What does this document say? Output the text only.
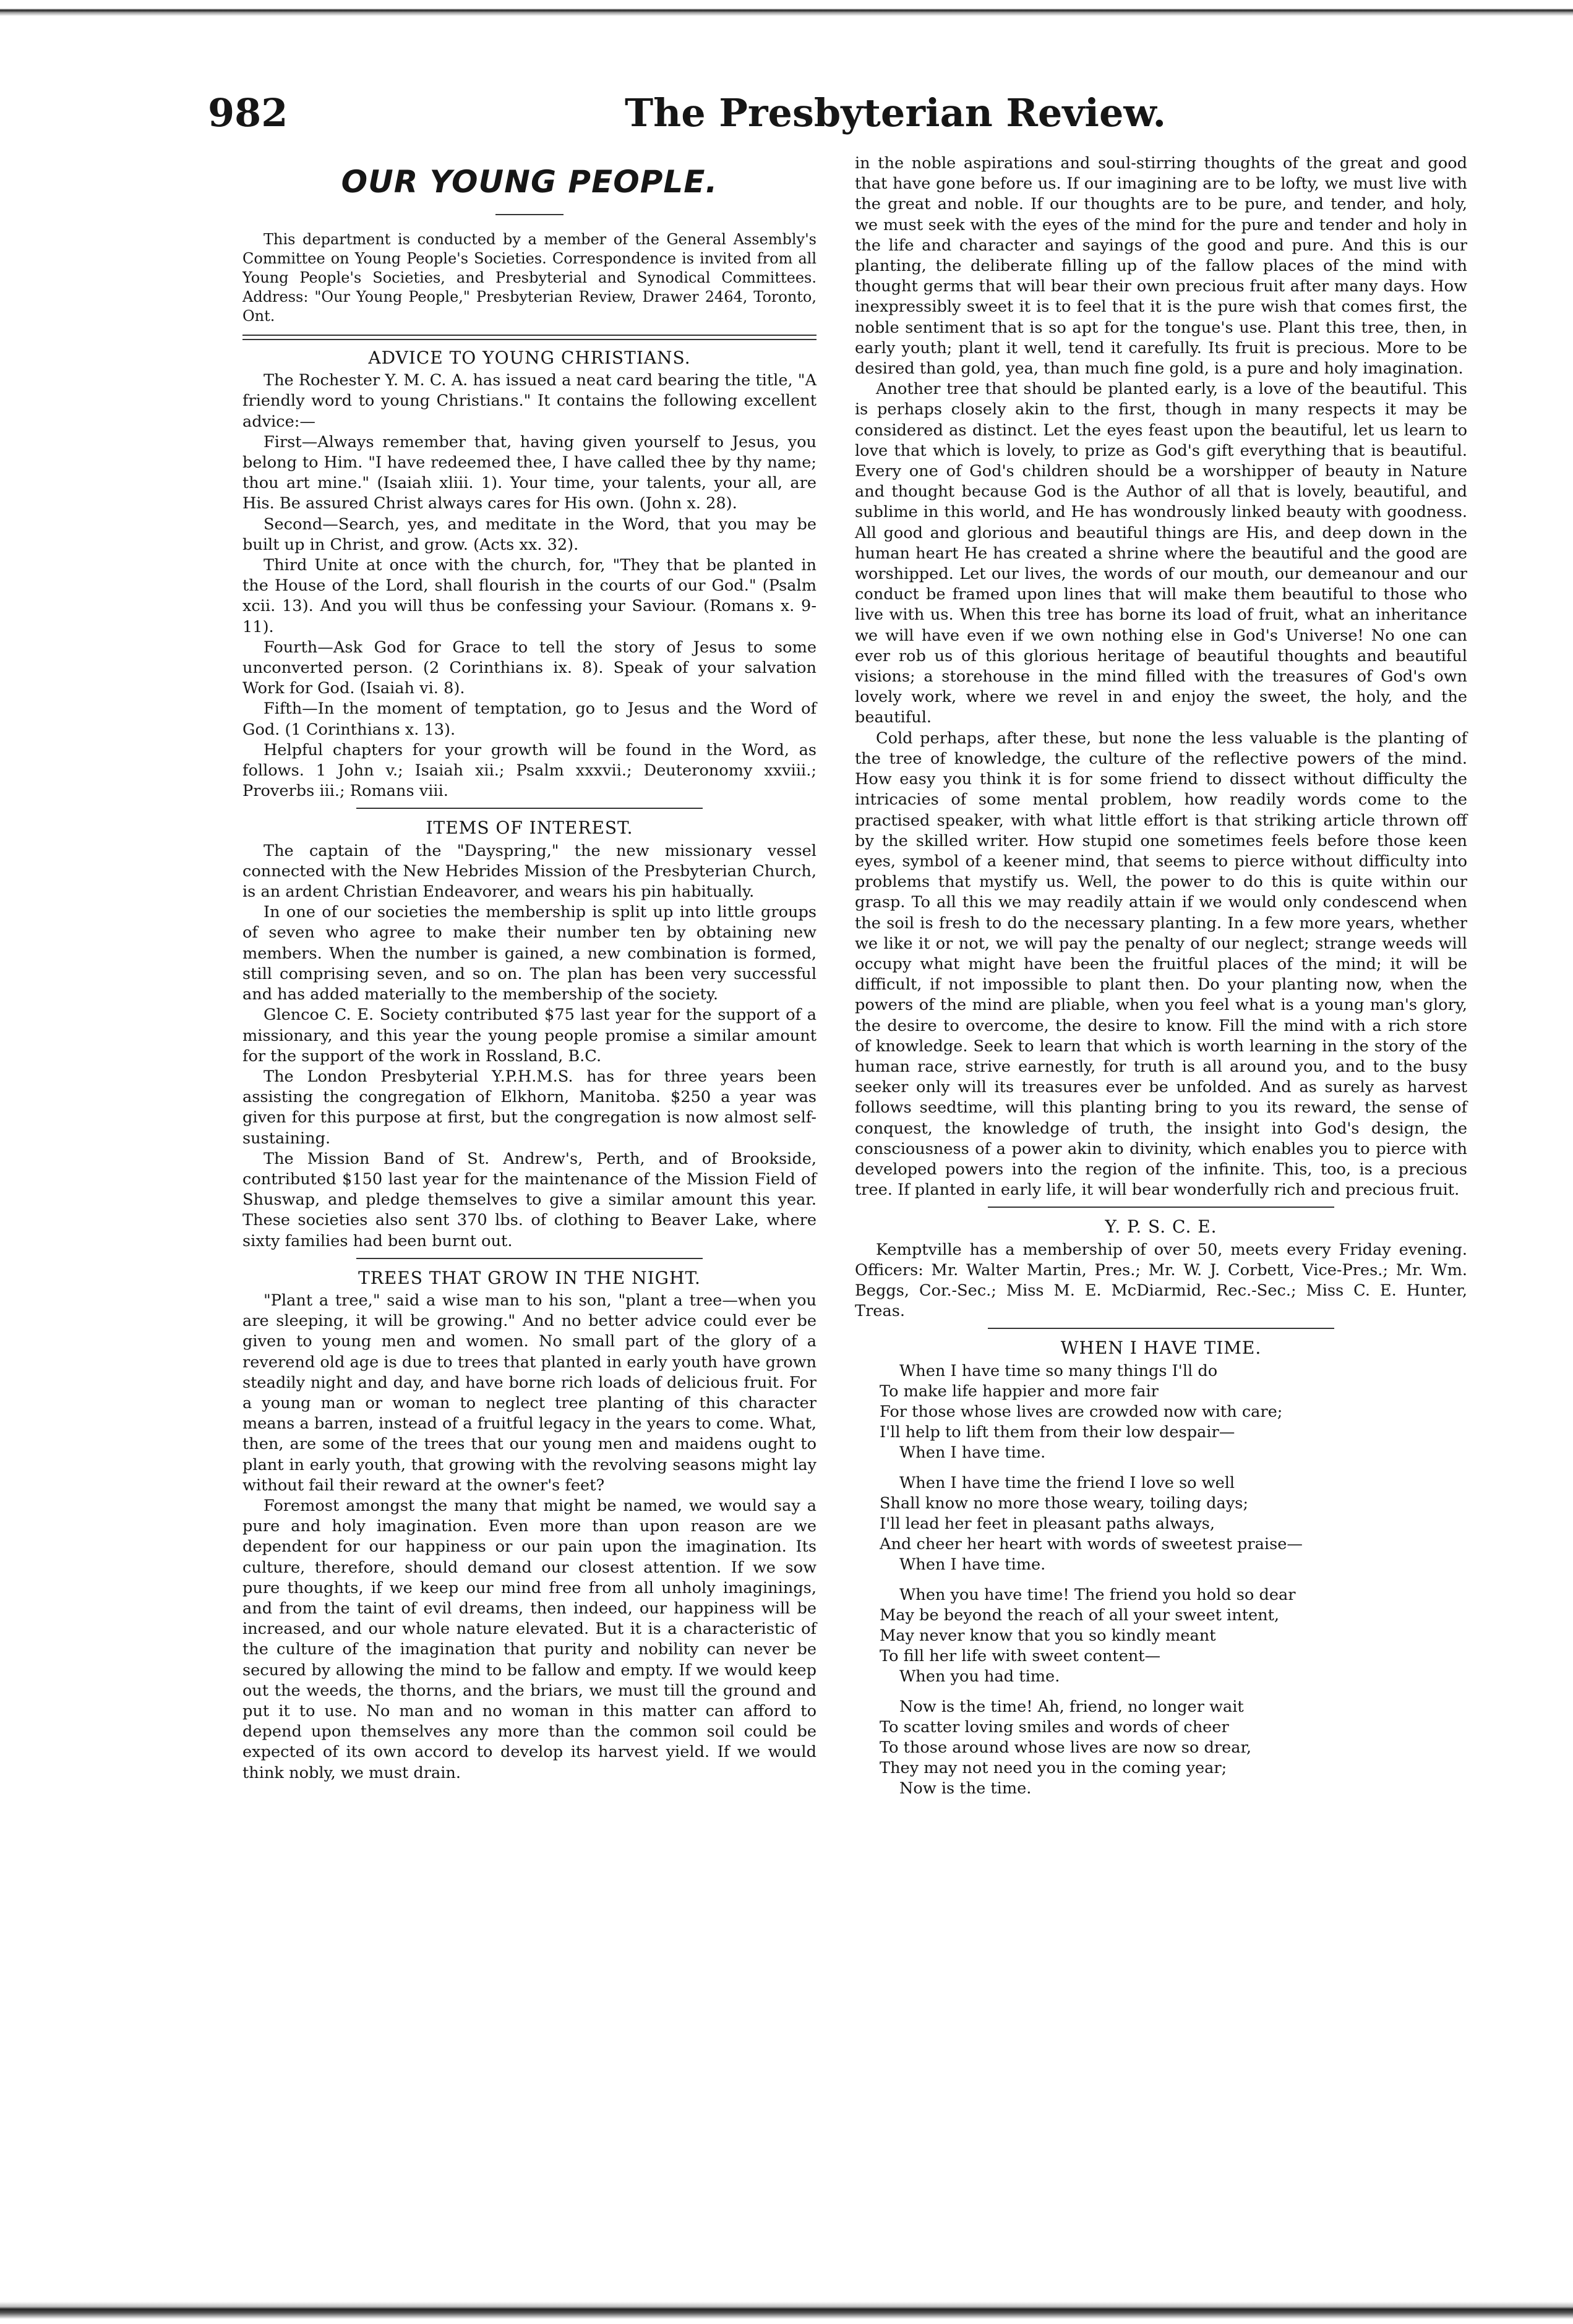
982	The Presbyterian Review.
OUR YOUNG PEOPLE.

This department is conducted by a member of the General Assembly's Committee on Young People's Societies. Correspondence is invited from all Young People's Societies, and Presbyterial and Synodical Committees. Address: "Our Young People," Presbyterian Review, Drawer 2464, Toronto, Ont.

ADVICE TO YOUNG CHRISTIANS.

The Rochester Y. M. C. A. has issued a neat card bearing the title, "A friendly word to young Christians." It contains the following excellent advice:—

First—Always remember that, having given yourself to Jesus, you belong to Him. "I have redeemed thee, I have called thee by thy name; thou art mine." (Isaiah xliii. 1). Your time, your talents, your all, are His. Be assured Christ always cares for His own. (John x. 28).

Second—Search, yes, and meditate in the Word, that you may be built up in Christ, and grow. (Acts xx. 32).

Third Unite at once with the church, for, "They that be planted in the House of the Lord, shall flourish in the courts of our God." (Psalm xcii. 13). And you will thus be confessing your Saviour. (Romans x. 9-11).

Fourth—Ask God for Grace to tell the story of Jesus to some unconverted person. (2 Corinthians ix. 8). Speak of your salvation Work for God. (Isaiah vi. 8).

Fifth—In the moment of temptation, go to Jesus and the Word of God. (1 Corinthians x. 13).

Helpful chapters for your growth will be found in the Word, as follows. 1 John v.; Isaiah xii.; Psalm xxxvii.; Deuteronomy xxviii.; Proverbs iii.; Romans viii.

ITEMS OF INTEREST.

The captain of the "Dayspring," the new missionary vessel connected with the New Hebrides Mission of the Presbyterian Church, is an ardent Christian Endeavorer, and wears his pin habitually.

In one of our societies the membership is split up into little groups of seven who agree to make their number ten by obtaining new members. When the number is gained, a new combination is formed, still comprising seven, and so on. The plan has been very successful and has added materially to the membership of the society.

Glencoe C. E. Society contributed $75 last year for the support of a missionary, and this year the young people promise a similar amount for the support of the work in Rossland, B.C.

The London Presbyterial Y.P.H.M.S. has for three years been assisting the congregation of Elkhorn, Manitoba. $250 a year was given for this purpose at first, but the congregation is now almost self-sustaining.

The Mission Band of St. Andrew's, Perth, and of Brookside, contributed $150 last year for the maintenance of the Mission Field of Shuswap, and pledge themselves to give a similar amount this year. These societies also sent 370 lbs. of clothing to Beaver Lake, where sixty families had been burnt out.

TREES THAT GROW IN THE NIGHT.

"Plant a tree," said a wise man to his son, "plant a tree—when you are sleeping, it will be growing." And no better advice could ever be given to young men and women. No small part of the glory of a reverend old age is due to trees that planted in early youth have grown steadily night and day, and have borne rich loads of delicious fruit. For a young man or woman to neglect tree planting of this character means a barren, instead of a fruitful legacy in the years to come. What, then, are some of the trees that our young men and maidens ought to plant in early youth, that growing with the revolving seasons might lay without fail their reward at the owner's feet?

Foremost amongst the many that might be named, we would say a pure and holy imagination. Even more than upon reason are we dependent for our happiness or our pain upon the imagination. Its culture, therefore, should demand our closest attention. If we sow pure thoughts, if we keep our mind free from all unholy imaginings, and from the taint of evil dreams, then indeed, our happiness will be increased, and our whole nature elevated. But it is a characteristic of the culture of the imagination that purity and nobility can never be secured by allowing the mind to be fallow and empty. If we would keep out the weeds, the thorns, and the briars, we must till the ground and put it to use. No man and no woman in this matter can afford to depend upon themselves any more than the common soil could be expected of its own accord to develop its harvest yield. If we would think nobly, we must drain.

in the noble aspirations and soul-stirring thoughts of the great and good that have gone before us. If our imagining are to be lofty, we must live with the great and noble. If our thoughts are to be pure, and tender, and holy, we must seek with the eyes of the mind for the pure and tender and holy in the life and character and sayings of the good and pure. And this is our planting, the deliberate filling up of the fallow places of the mind with thought germs that will bear their own precious fruit after many days. How inexpressibly sweet it is to feel that it is the pure wish that comes first, the noble sentiment that is so apt for the tongue's use. Plant this tree, then, in early youth; plant it well, tend it carefully. Its fruit is precious. More to be desired than gold, yea, than much fine gold, is a pure and holy imagination.

Another tree that should be planted early, is a love of the beautiful. This is perhaps closely akin to the first, though in many respects it may be considered as distinct. Let the eyes feast upon the beautiful, let us learn to love that which is lovely, to prize as God's gift everything that is beautiful. Every one of God's children should be a worshipper of beauty in Nature and thought because God is the Author of all that is lovely, beautiful, and sublime in this world, and He has wondrously linked beauty with goodness. All good and glorious and beautiful things are His, and deep down in the human heart He has created a shrine where the beautiful and the good are worshipped. Let our lives, the words of our mouth, our demeanour and our conduct be framed upon lines that will make them beautiful to those who live with us. When this tree has borne its load of fruit, what an inheritance we will have even if we own nothing else in God's Universe! No one can ever rob us of this glorious heritage of beautiful thoughts and beautiful visions; a storehouse in the mind filled with the treasures of God's own lovely work, where we revel in and enjoy the sweet, the holy, and the beautiful.

Cold perhaps, after these, but none the less valuable is the planting of the tree of knowledge, the culture of the reflective powers of the mind. How easy you think it is for some friend to dissect without difficulty the intricacies of some mental problem, how readily words come to the practised speaker, with what little effort is that striking article thrown off by the skilled writer. How stupid one sometimes feels before those keen eyes, symbol of a keener mind, that seems to pierce without difficulty into problems that mystify us. Well, the power to do this is quite within our grasp. To all this we may readily attain if we would only condescend when the soil is fresh to do the necessary planting. In a few more years, whether we like it or not, we will pay the penalty of our neglect; strange weeds will occupy what might have been the fruitful places of the mind; it will be difficult, if not impossible to plant then. Do your planting now, when the powers of the mind are pliable, when you feel what is a young man's glory, the desire to overcome, the desire to know. Fill the mind with a rich store of knowledge. Seek to learn that which is worth learning in the story of the human race, strive earnestly, for truth is all around you, and to the busy seeker only will its treasures ever be unfolded. And as surely as harvest follows seedtime, will this planting bring to you its reward, the sense of conquest, the knowledge of truth, the insight into God's design, the consciousness of a power akin to divinity, which enables you to pierce with developed powers into the region of the infinite. This, too, is a precious tree. If planted in early life, it will bear wonderfully rich and precious fruit.

Y. P. S. C. E.

Kemptville has a membership of over 50, meets every Friday evening. Officers: Mr. Walter Martin, Pres.; Mr. W. J. Corbett, Vice-Pres.; Mr. Wm. Beggs, Cor.-Sec.; Miss M. E. McDiarmid, Rec.-Sec.; Miss C. E. Hunter, Treas.

WHEN I HAVE TIME.
When I have time so many things I'll do
To make life happier and more fair
For those whose lives are crowded now with care;
I'll help to lift them from their low despair—
When I have time.
When I have time the friend I love so well
Shall know no more those weary, toiling days;
I'll lead her feet in pleasant paths always,
And cheer her heart with words of sweetest praise—
When I have time.
When you have time! The friend you hold so dear
May be beyond the reach of all your sweet intent,
May never know that you so kindly meant
To fill her life with sweet content—
When you had time.
Now is the time! Ah, friend, no longer wait
To scatter loving smiles and words of cheer
To those around whose lives are now so drear,
They may not need you in the coming year;
Now is the time.
